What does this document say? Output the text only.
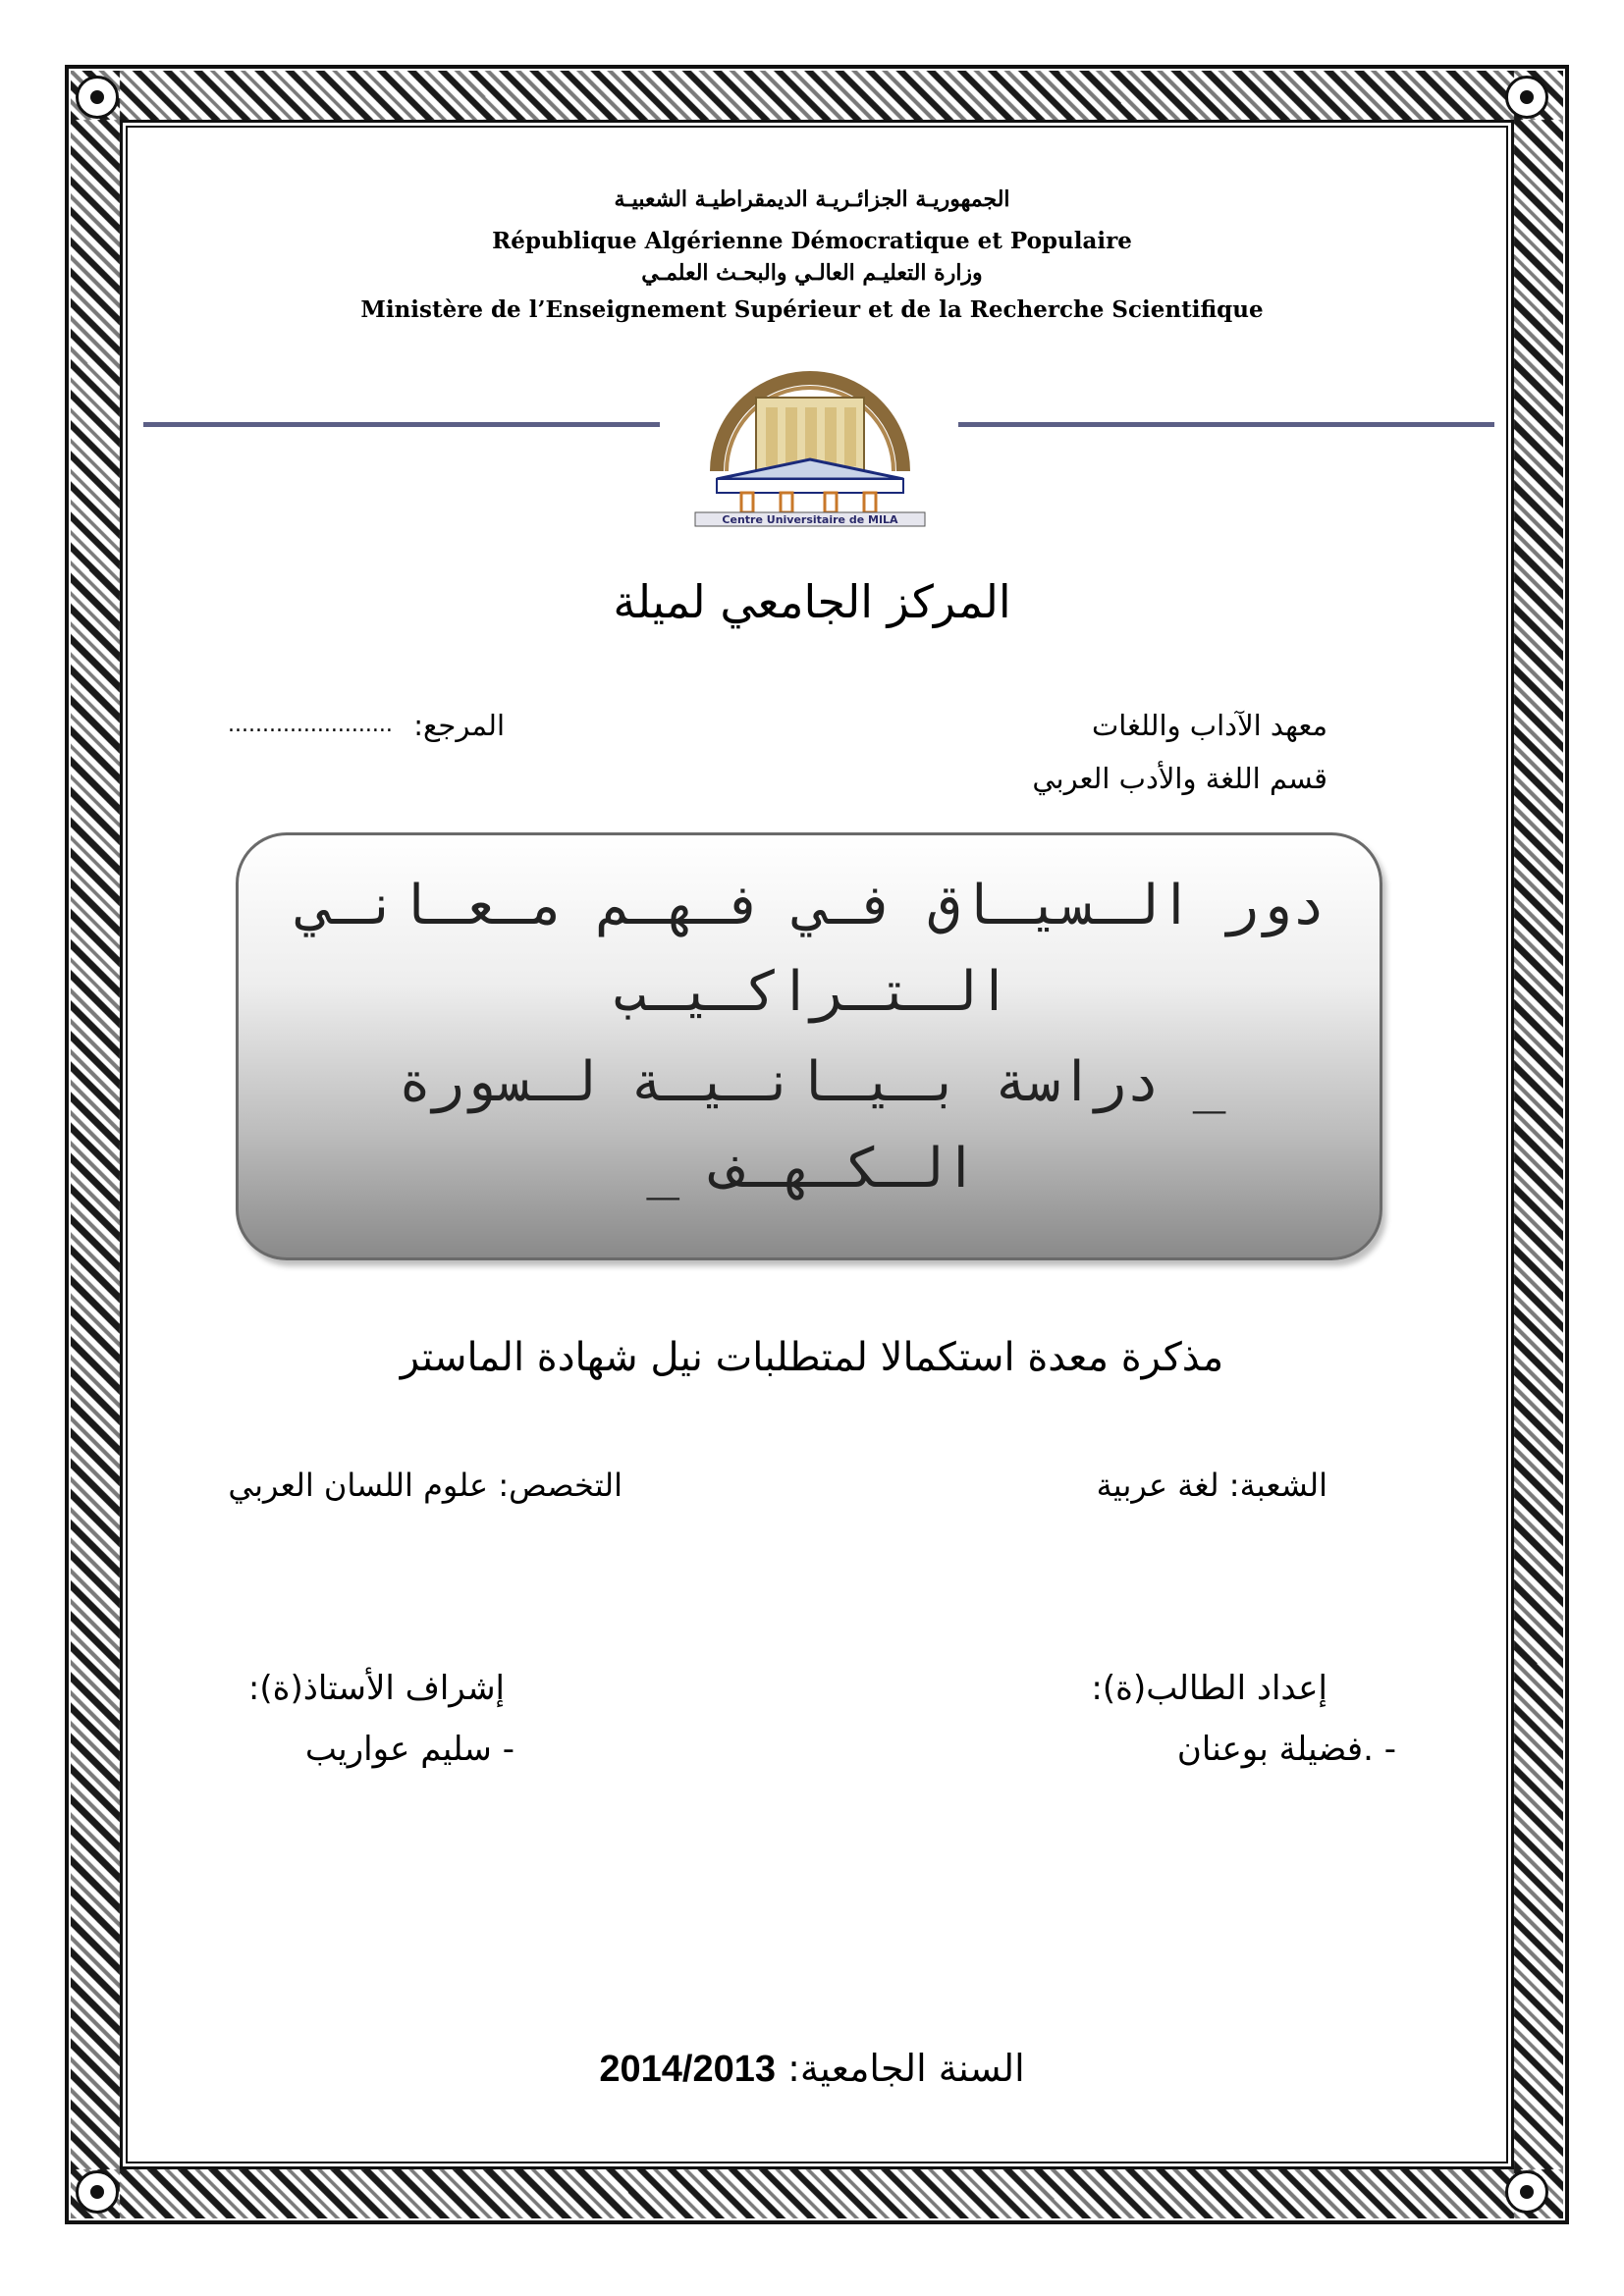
الجمهوريـة الجزائـريـة الديمقراطيـة الشعبيـة
République Algérienne Démocratique et Populaire
وزارة التعليـم العالـي والبحـث العلمـي
Ministère de l’Enseignement Supérieur et de la Recherche Scientifique
Centre Universitaire de MILA
المركز الجامعي لميلة
معهد الآداب واللغات
قسم اللغة والأدب العربي
المرجع:
........................
دور الـسيـاق فـي فـهـم مـعـانـي
الـتـراكـيـب
_ دراسة بـيـانـيـة لـسورة
الـكـهـف _
مذكرة معدة استكمالا لمتطلبات نيل شهادة الماستر
الشعبة: لغة عربية
التخصص: علوم اللسان العربي
إعداد الطالب(ة):
- .فضيلة بوعنان
إشراف الأستاذ(ة):
- سليم عواريب
السنة الجامعية: 2014/2013
